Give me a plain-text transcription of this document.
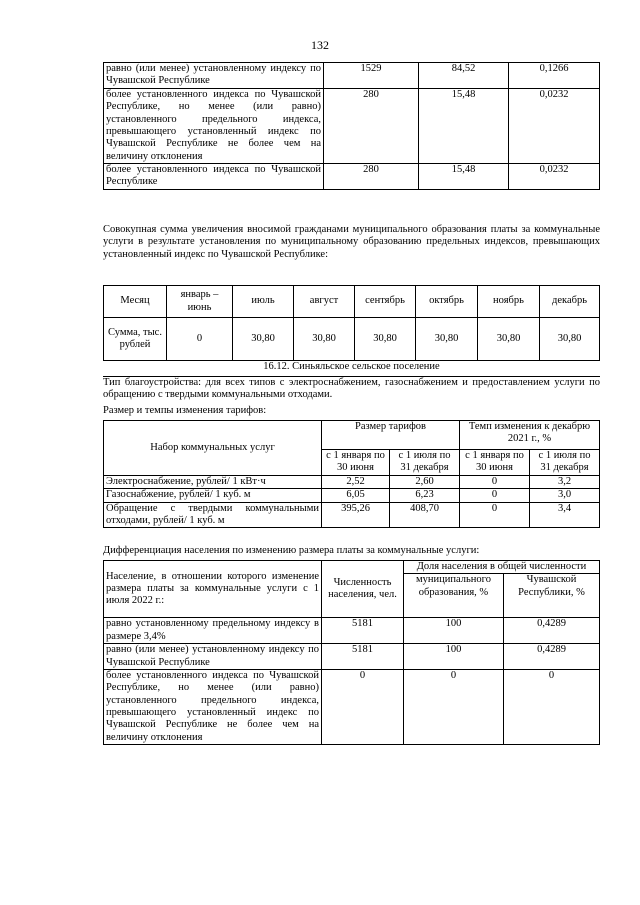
132
равно (или менее) установленному индексу по Чувашской Республике	1529	84,52	0,1266
более установленного индекса по Чувашской Республике, но менее (или равно) установленного предельного индекса, превышающего установленный индекс по Чувашской Республике не более чем на величину отклонения	280	15,48	0,0232
более установленного индекса по Чувашской Республике	280	15,48	0,0232
Совокупная сумма увеличения вносимой гражданами муниципального образования платы за коммунальные услуги в результате установления по муниципальному образованию предельных индексов, превышающих установленный индекс по Чувашской Республике:
Месяц	январь – июнь	июль	август	сентябрь	октябрь	ноябрь	декабрь
Сумма, тыс. рублей	0	30,80	30,80	30,80	30,80	30,80	30,80
16.12. Синьяльское сельское поселение
Тип благоустройства: для всех типов с электроснабжением, газоснабжением и предоставлением услуги по обращению с твердыми коммунальными отходами.
Размер и темпы изменения тарифов:
Набор коммунальных услуг	Размер тарифов		Темп изменения к декабрю 2021 г., %	
	с 1 января по 30 июня	с 1 июля по 31 декабря	с 1 января по 30 июня	с 1 июля по 31 декабря
Электроснабжение, рублей/ 1 кВт·ч	2,52	2,60	0	3,2
Газоснабжение, рублей/ 1 куб. м	6,05	6,23	0	3,0
Обращение с твердыми коммунальными отходами, рублей/ 1 куб. м	395,26	408,70	0	3,4
Дифференциация населения по изменению размера платы за коммунальные услуги:
Население, в отношении которого изменение размера платы за коммунальные услуги с 1 июля 2022 г.:	Численность населения, чел.	Доля населения в общей численности	
		муниципального образования, %	Чувашской Республики, %
равно установленному предельному индексу в размере 3,4%	5181	100	0,4289
равно (или менее) установленному индексу по Чувашской Республике	5181	100	0,4289
более установленного индекса по Чувашской Республике, но менее (или равно) установленного предельного индекса, превышающего установленный индекс по Чувашской Республике не более чем на величину отклонения	0	0	0
